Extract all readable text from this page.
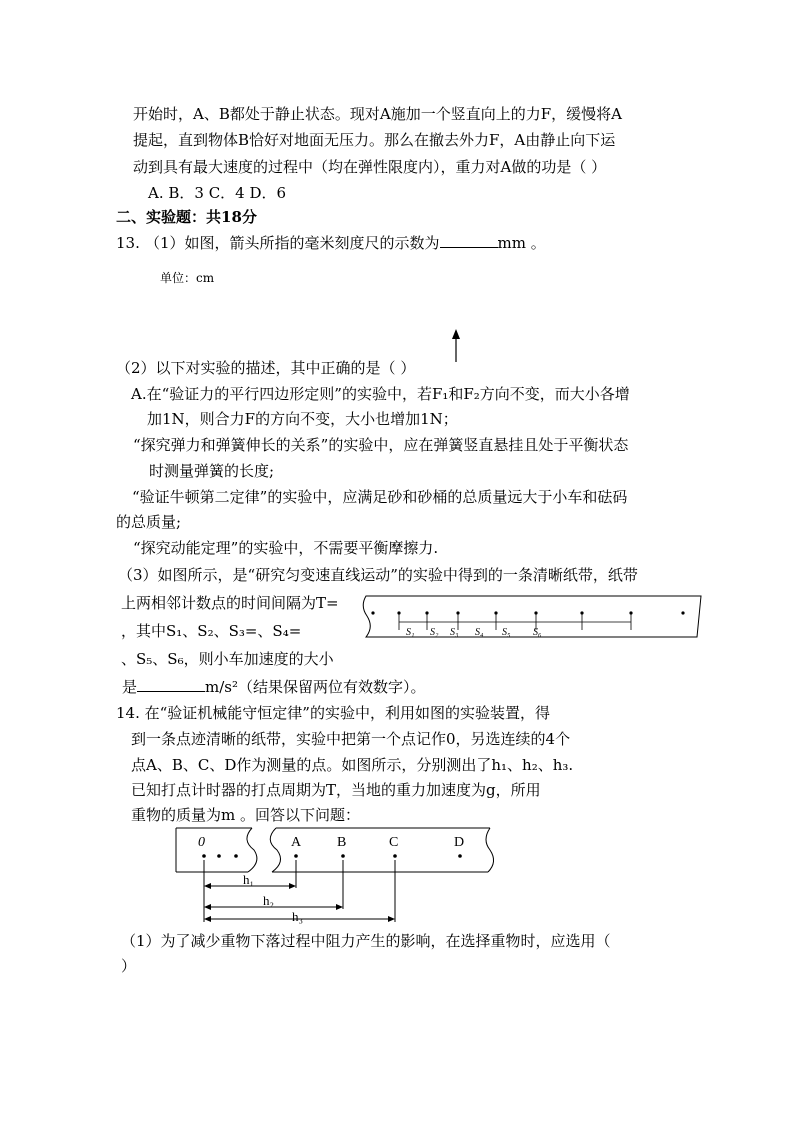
开始时，A、B都处于静止状态。现对A施加一个竖直向上的力F，缓慢将A
提起，直到物体B恰好对地面无压力。那么在撤去外力F，A由静止向下运
动到具有最大速度的过程中（均在弹性限度内），重力对A做的功是（ ）
A. B．3 C．4 D．6
二、实验题：共18分
13. （1）如图，箭头所指的毫米刻度尺的示数为	mm 。
单位：cm
（2）以下对实验的描述，其中正确的是（ ）
A.在“验证力的平行四边形定则”的实验中，若F₁和F₂方向不变，而大小各增
加1N，则合力F的方向不变，大小也增加1N；
“探究弹力和弹簧伸长的关系”的实验中，应在弹簧竖直悬挂且处于平衡状态
时测量弹簧的长度;
“验证牛顿第二定律”的实验中，应满足砂和砂桶的总质量远大于小车和砝码
的总质量;
“探究动能定理”的实验中，不需要平衡摩擦力.
（3）如图所示，是“研究匀变速直线运动”的实验中得到的一条清晰纸带，纸带
上两相邻计数点的时间间隔为T=
，其中S₁、S₂、S₃=、S₄=
、S₅、S₆，则小车加速度的大小
是	m/s²（结果保留两位有效数字）。
14. 在“验证机械能守恒定律”的实验中，利用如图的实验装置，得
到一条点迹清晰的纸带，实验中把第一个点记作0，另选连续的4个
点A、B、C、D作为测量的点。如图所示，分别测出了h₁、h₂、h₃.
已知打点计时器的打点周期为T，当地的重力加速度为g，所用
重物的质量为m 。回答以下问题：
（1）为了减少重物下落过程中阻力产生的影响，在选择重物时，应选用（
）
S₁ S₂ S₃ S₄ S₅ S₆
0	A	B	C	D
h₁
h₂
h₃
